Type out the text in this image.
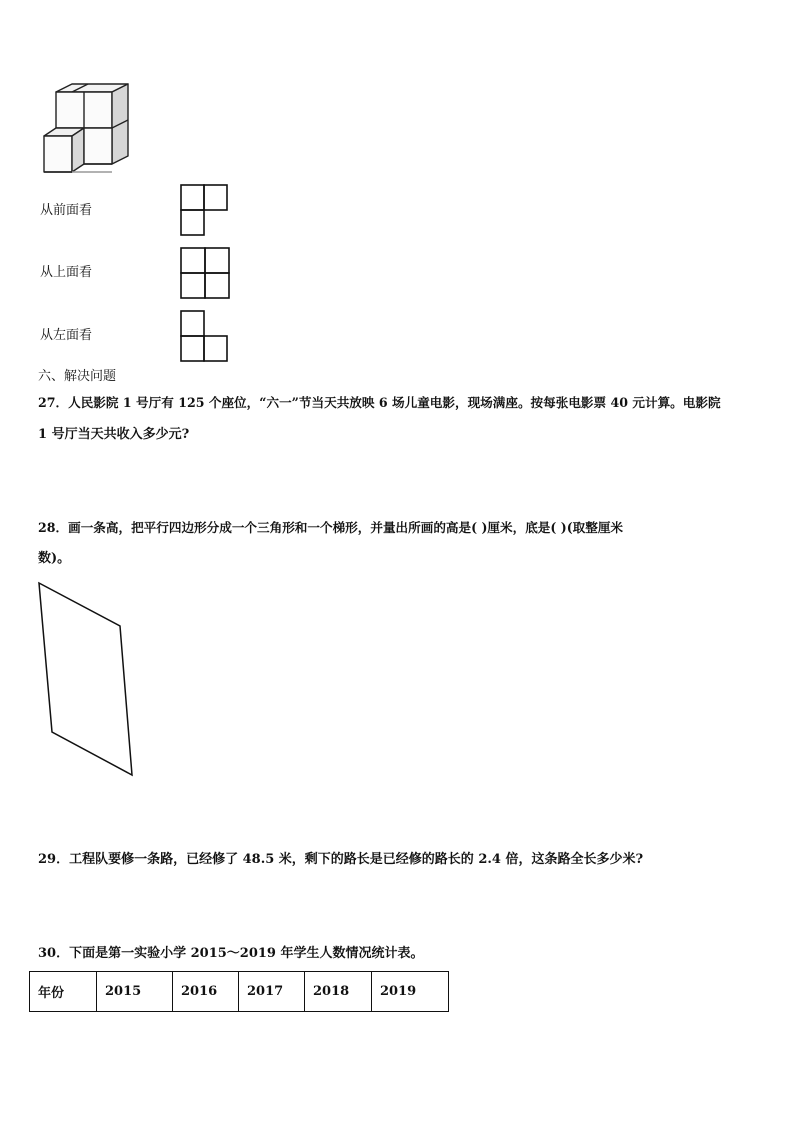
从前面看
从上面看
从左面看
六、解决问题
27．人民影院 1 号厅有 125 个座位，“六一”节当天共放映 6 场儿童电影，现场满座。按每张电影票 40 元计算。电影院
1 号厅当天共收入多少元?
28．画一条高，把平行四边形分成一个三角形和一个梯形，并量出所画的高是( )厘米，底是( )(取整厘米
数)。
29．工程队要修一条路，已经修了 48.5 米，剩下的路长是已经修的路长的 2.4 倍，这条路全长多少米?
30．下面是第一实验小学 2015～2019 年学生人数情况统计表。
年份	2015	2016	2017	2018	2019
